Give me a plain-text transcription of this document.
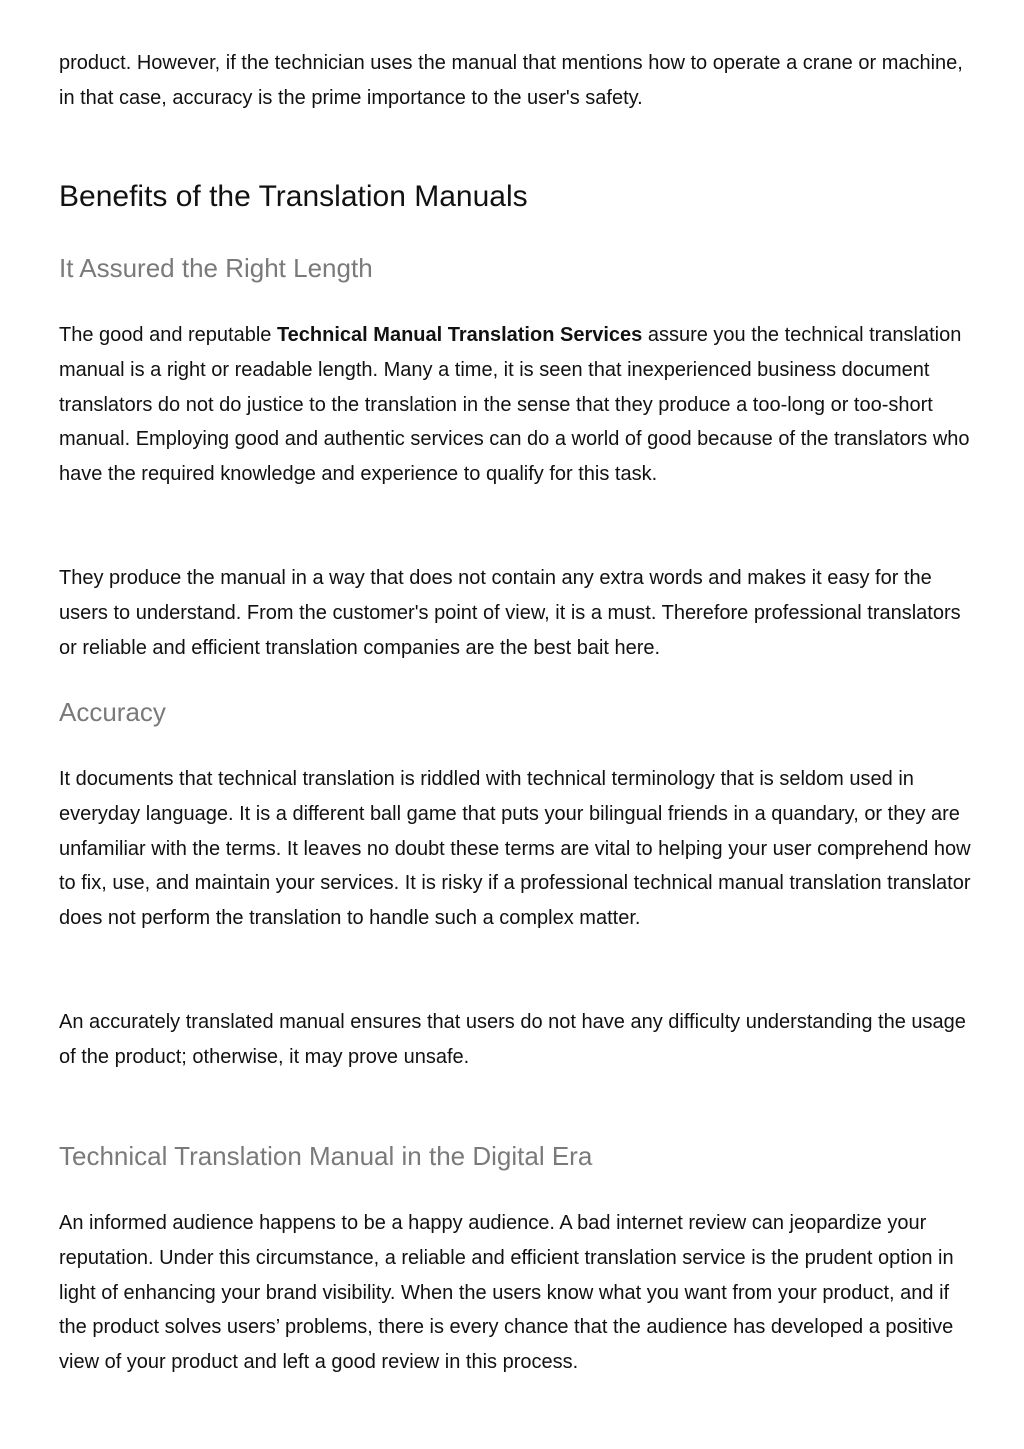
product. However, if the technician uses the manual that mentions how to operate a crane or machine, in that case, accuracy is the prime importance to the user's safety.

Benefits of the Translation Manuals
It Assured the Right Length

The good and reputable Technical Manual Translation Services assure you the technical translation manual is a right or readable length. Many a time, it is seen that inexperienced business document translators do not do justice to the translation in the sense that they produce a too-long or too-short manual. Employing good and authentic services can do a world of good because of the translators who have the required knowledge and experience to qualify for this task.

They produce the manual in a way that does not contain any extra words and makes it easy for the users to understand. From the customer's point of view, it is a must. Therefore professional translators or reliable and efficient translation companies are the best bait here.

Accuracy

It documents that technical translation is riddled with technical terminology that is seldom used in everyday language. It is a different ball game that puts your bilingual friends in a quandary, or they are unfamiliar with the terms. It leaves no doubt these terms are vital to helping your user comprehend how to fix, use, and maintain your services. It is risky if a professional technical manual translation translator does not perform the translation to handle such a complex matter.

An accurately translated manual ensures that users do not have any difficulty understanding the usage of the product; otherwise, it may prove unsafe.

Technical Translation Manual in the Digital Era

An informed audience happens to be a happy audience. A bad internet review can jeopardize your reputation. Under this circumstance, a reliable and efficient translation service is the prudent option in light of enhancing your brand visibility. When the users know what you want from your product, and if the product solves users’ problems, there is every chance that the audience has developed a positive view of your product and left a good review in this process.
